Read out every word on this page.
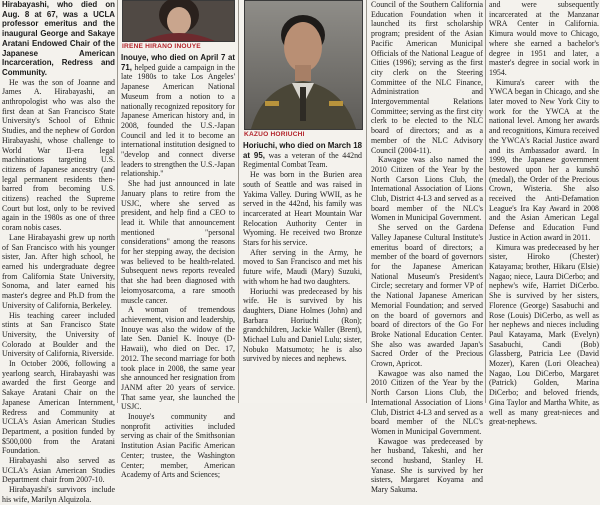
Hirabayashi, who died on Aug. 8 at 67, was a UCLA professor emeritus and the inaugural George and Sakaye Aratani Endowed Chair of the Japanese American Incarceration, Redress and Community.

He was the son of Joanne and James A. Hirabayashi, an anthropologist who was also the first dean at San Francisco State University's School of Ethnic Studies, and the nephew of Gordon Hirabayashi, whose challenge to World War II-era legal machinations targeting U.S. citizens of Japanese ancestry (and legal permanent residents then-barred from becoming U.S. citizens) reached the Supreme Court but lost, only to be revived again in the 1980s as one of three coram nobis cases.

Lane Hirabayashi grew up north of San Francisco with his younger sister, Jan. After high school, he earned his undergraduate degree from California State University, Sonoma, and later earned his master's degree and Ph.D from the University of California, Berkeley.

His teaching career included stints at San Francisco State University, the University of Colorado at Boulder and the University of California, Riverside.

In October 2006, following a yearlong search, Hirabayashi was awarded the first George and Sakaye Aratani Chair on the Japanese American Internment, Redress and Community at UCLA's Asian American Studies Department, a position funded by $500,000 from the Aratani Foundation.

Hirabayashi also served as UCLA's Asian American Studies Department chair from 2007-10.

Hirabayashi's survivors include his wife, Marilyn Alquizola.

IRENE HIRANO INOUYE

Inouye, who died on April 7 at 71, helped guide a campaign in the late 1980s to take Los Angeles' Japanese American National Museum from a notion to a nationally recognized repository for Japanese American history and, in 2008, founded the U.S.-Japan Council and led it to become an international institution designed to "develop and connect diverse leaders to strengthen the U.S.-Japan relationship."

She had just announced in late January plans to retire from the USJC, where she served as president, and help find a CEO to lead it. While that announcement mentioned "personal considerations" among the reasons for her stepping away, the decision was believed to be health-related. Subsequent news reports revealed that she had been diagnosed with leiomyosarcoma, a rare smooth muscle cancer.

A woman of tremendous achievement, vision and leadership, Inouye was also the widow of the late Sen. Daniel K. Inouye (D-Hawaii), who died on Dec. 17, 2012. The second marriage for both took place in 2008, the same year she announced her resignation from JANM after 20 years of service. That same year, she launched the USJC.

Inouye's community and nonprofit activities included serving as chair of the Smithsonian Institution Asian Pacific American Center; trustee, the Washington Center; member, American Academy of Arts and Sciences;

KAZUO HORIUCHI

Horiuchi, who died on March 18 at 95, was a veteran of the 442nd Regimental Combat Team.

He was born in the Burien area south of Seattle and was raised in Yakima Valley. During WWII, as he served in the 442nd, his family was incarcerated at Heart Mountain War Relocation Authority Center in Wyoming. He received two Bronze Stars for his service.

After serving in the Army, he moved to San Francisco and met his future wife, Maudi (Mary) Suzuki, with whom he had two daughters.

Horiuchi was predeceased by his wife. He is survived by his daughters, Diane Holmes (John) and Barbara Horiuchi (Ron); grandchildren, Jackie Waller (Brent), Michael Lulu and Daniel Lulu; sister, Nobuko Matsumoto; he is also survived by nieces and nephews.

Council of the Southern California Education Foundation when it launched its first scholarship program; president of the Asian Pacific American Municipal Officials of the National League of Cities (1996); serving as the first city clerk on the Steering Committee of the NLC Finance, Administration and Intergovernmental Relations Committee; serving as the first city clerk to be elected to the NLC board of directors; and as a member of the NLC Advisory Council (2004-11).

Kawagoe was also named the 2010 Citizen of the Year by the North Carson Lions Club, the International Association of Lions Club, District 4-L3 and served as a board member of the NLC's Women in Municipal Government.

She served on the Gardena Valley Japanese Cultural Institute's emeritus board of directors; a member of the board of governors for the Japanese American National Museum's President's Circle; secretary and former VP of the National Japanese American Memorial Foundation; and served on the board of governors and board of directors of the Go For Broke National Education Center. She also was awarded Japan's Sacred Order of the Precious Crown, Apricot.

Kawagoe was also named the 2010 Citizen of the Year by the North Carson Lions Club, the International Association of Lions Club, District 4-L3 and served as a board member of the NLC's Women in Municipal Government.

Kawagoe was predeceased by her husband, Takeshi, and her second husband, Stanley H. Yanase. She is survived by her sisters, Margaret Koyama and Mary Sakuma.

and were subsequently incarcerated at the Manzanar WRA Center in California. Kimura would move to Chicago, where she earned a bachelor's degree in 1951 and later, a master's degree in social work in 1954.

Kimura's career with the YWCA began in Chicago, and she later moved to New York City to work for the YWCA at the national level. Among her awards and recognitions, Kimura received the YWCA's Racial Justice award and its Ambassador award. In 1999, the Japanese government bestowed upon her a kunshō (medal), the Order of the Precious Crown, Wisteria. She also received the Anti-Defamation League's Ira Kay Award in 2008 and the Asian American Legal Defense and Education Fund Justice in Action award in 2011.

Kimura was predeceased by her sister, Hiroko (Chester) Katayama; brother, Hikaru (Elsie) Nagao; niece, Laura DiCerbo; and nephew's wife, Harriet DiCerbo. She is survived by her sisters, Florence (George) Sasabuchi and Rose (Louis) DiCerbo, as well as her nephews and nieces including Paul Katayama, Mark (Evelyn) Sasabuchi, Candi (Bob) Glassberg, Patricia Lee (David Mozer), Karen (Lori Oleachea) Nagao, Lou DiCerbo, Margaret (Patrick) Golden, Marina DiCerbo; and beloved friends, Gina Taylor and Martha White, as well as many great-nieces and great-nephews.
